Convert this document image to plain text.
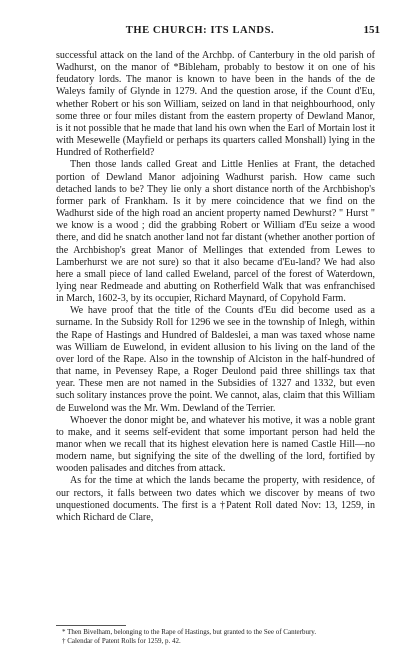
THE CHURCH: ITS LANDS.	151

successful attack on the land of the Archbp. of Canterbury in the old parish of Wadhurst, on the manor of *Bibleham, probably to bestow it on one of his feudatory lords. The manor is known to have been in the hands of the de Waleys family of Glynde in 1279. And the question arose, if the Count d'Eu, whether Robert or his son William, seized on land in that neighbourhood, only some three or four miles distant from the eastern property of Dewland Manor, is it not possible that he made that land his own when the Earl of Mortain lost it with Mesewelle (Mayfield or perhaps its quarters called Monshall) lying in the Hundred of Rotherfield?

Then those lands called Great and Little Henlies at Frant, the detached portion of Dewland Manor adjoining Wadhurst parish. How came such detached lands to be? They lie only a short distance north of the Archbishop's former park of Frankham. Is it by mere coincidence that we find on the Wadhurst side of the high road an ancient property named Dewhurst? " Hurst " we know is a wood ; did the grabbing Robert or William d'Eu seize a wood there, and did he snatch another land not far distant (whether another portion of the Archbishop's great Manor of Mellinges that extended from Lewes to Lamberhurst we are not sure) so that it also became d'Eu-land? We had also here a small piece of land called Eweland, parcel of the forest of Waterdown, lying near Redmeade and abutting on Rotherfield Walk that was enfranchised in March, 1602-3, by its occupier, Richard Maynard, of Copyhold Farm.

We have proof that the title of the Counts d'Eu did become used as a surname. In the Subsidy Roll for 1296 we see in the township of Inlegh, within the Rape of Hastings and Hundred of Baldeslei, a man was taxed whose name was William de Euwelond, in evident allusion to his living on the land of the over lord of the Rape. Also in the township of Alciston in the half-hundred of that name, in Pevensey Rape, a Roger Deulond paid three shillings tax that year. These men are not named in the Subsidies of 1327 and 1332, but even such solitary instances prove the point. We cannot, alas, claim that this William de Euwelond was the Mr. Wm. Dewland of the Terrier.

Whoever the donor might be, and whatever his motive, it was a noble grant to make, and it seems self-evident that some important person had held the manor when we recall that its highest elevation here is named Castle Hill—no modern name, but signifying the site of the dwelling of the lord, fortified by wooden palisades and ditches from attack.

As for the time at which the lands became the property, with residence, of our rectors, it falls between two dates which we discover by means of two unquestioned documents. The first is a †Patent Roll dated Nov: 13, 1259, in which Richard de Clare,

* Then Bivelham, belonging to the Rape of Hastings, but granted to the See of Canterbury.
† Calendar of Patent Rolls for 1259, p. 42.
